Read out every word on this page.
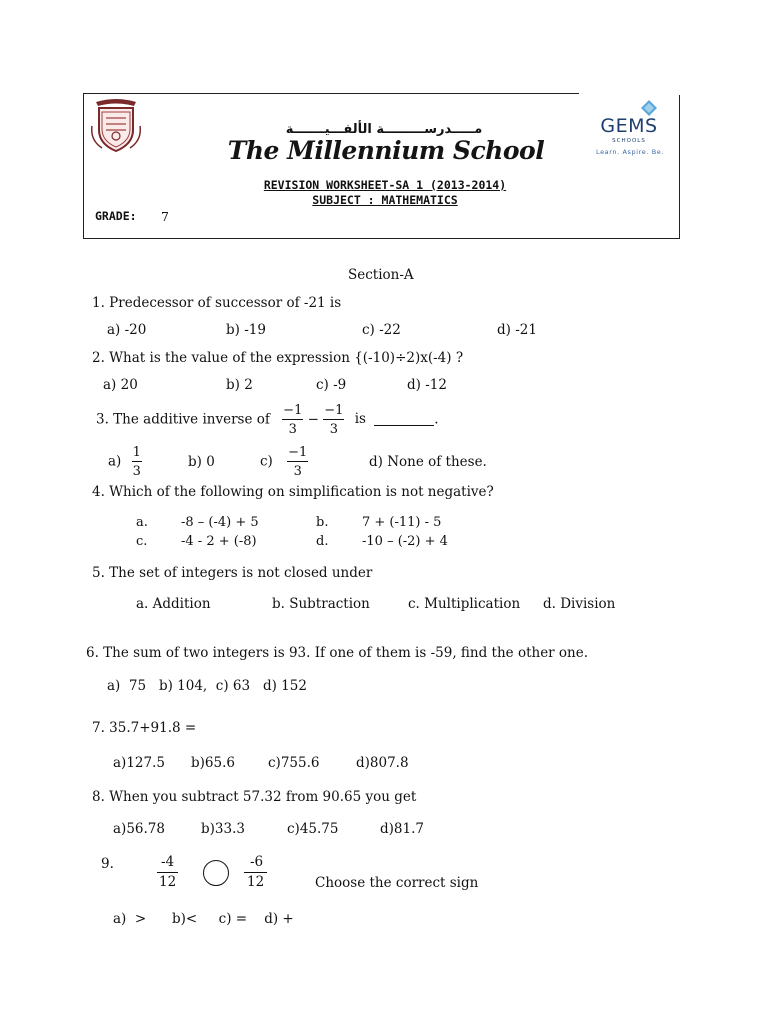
مـــــدرســـــــــة الألفـــيـــــــة
The Millennium School
GEMS
SCHOOLS
Learn. Aspire. Be.
REVISION WORKSHEET-SA 1 (2013-2014)
SUBJECT : MATHEMATICS
GRADE: 7
Section-A
1. Predecessor of successor of -21 is
a) -20	b) -19	c) -22	d) -21
2. What is the value of the expression {(-10)÷2)x(-4) ?
a) 20	b) 2	c) -9	d) -12
3. The additive inverse of $\frac{-1}{3} - \frac{-1}{3}$ is	.
$a) \frac{1}{3}$	b) 0	$c) \frac{-1}{3}$	d) None of these.
4. Which of the following on simplification is not negative?
a.	-8 – (-4) + 5	b.	7 + (-11) - 5
c.	-4 - 2 + (-8)	d.	-10 – (-2) + 4
5. The set of integers is not closed under
a. Addition	b. Subtraction	c. Multiplication d. Division
6. The sum of two integers is 93. If one of them is -59, find the other one.
a)  75   b) 104,  c) 63   d) 152
7. 35.7+91.8 =
a)127.5 b)65.6 c)755.6	d)807.8
8. When you subtract 57.32 from 90.65 you get
a)56.78	b)33.3	c)45.75	d)81.7
9.	$\frac{-4}{12}$	$\frac{-6}{12}$	Choose the correct sign
a)  >      b)<     c) =    d) +
